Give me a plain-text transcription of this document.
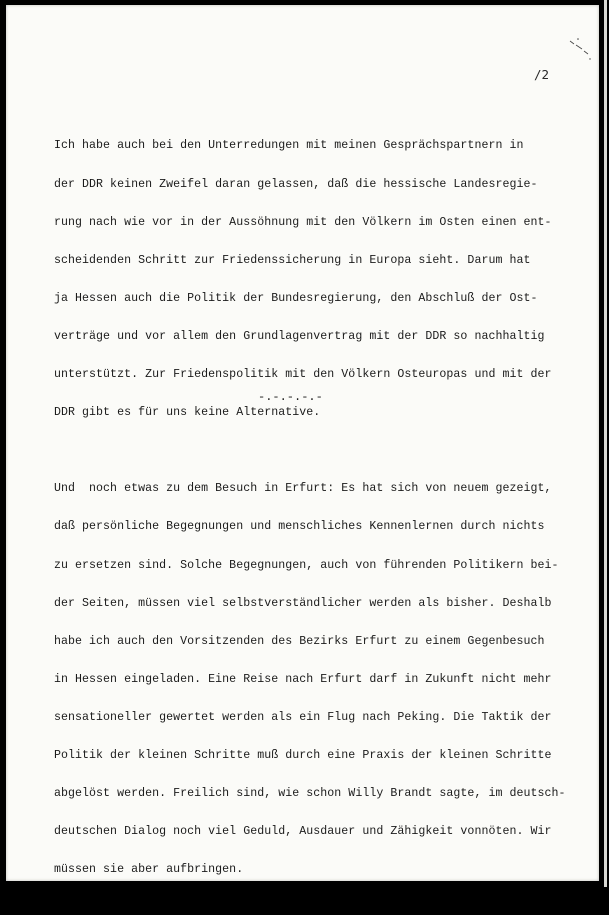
/2

Ich habe auch bei den Unterredungen mit meinen Gesprächspartnern in

der DDR keinen Zweifel daran gelassen, daß die hessische Landesregie-

rung nach wie vor in der Aussöhnung mit den Völkern im Osten einen ent-

scheidenden Schritt zur Friedenssicherung in Europa sieht. Darum hat

ja Hessen auch die Politik der Bundesregierung, den Abschluß der Ost-

verträge und vor allem den Grundlagenvertrag mit der DDR so nachhaltig

unterstützt. Zur Friedenspolitik mit den Völkern Osteuropas und mit der

DDR gibt es für uns keine Alternative.

Und  noch etwas zu dem Besuch in Erfurt: Es hat sich von neuem gezeigt,

daß persönliche Begegnungen und menschliches Kennenlernen durch nichts

zu ersetzen sind. Solche Begegnungen, auch von führenden Politikern bei-

der Seiten, müssen viel selbstverständlicher werden als bisher. Deshalb

habe ich auch den Vorsitzenden des Bezirks Erfurt zu einem Gegenbesuch

in Hessen eingeladen. Eine Reise nach Erfurt darf in Zukunft nicht mehr

sensationeller gewertet werden als ein Flug nach Peking. Die Taktik der

Politik der kleinen Schritte muß durch eine Praxis der kleinen Schritte

abgelöst werden. Freilich sind, wie schon Willy Brandt sagte, im deutsch-

deutschen Dialog noch viel Geduld, Ausdauer und Zähigkeit vonnöten. Wir

müssen sie aber aufbringen.

-.-.-.-.-
